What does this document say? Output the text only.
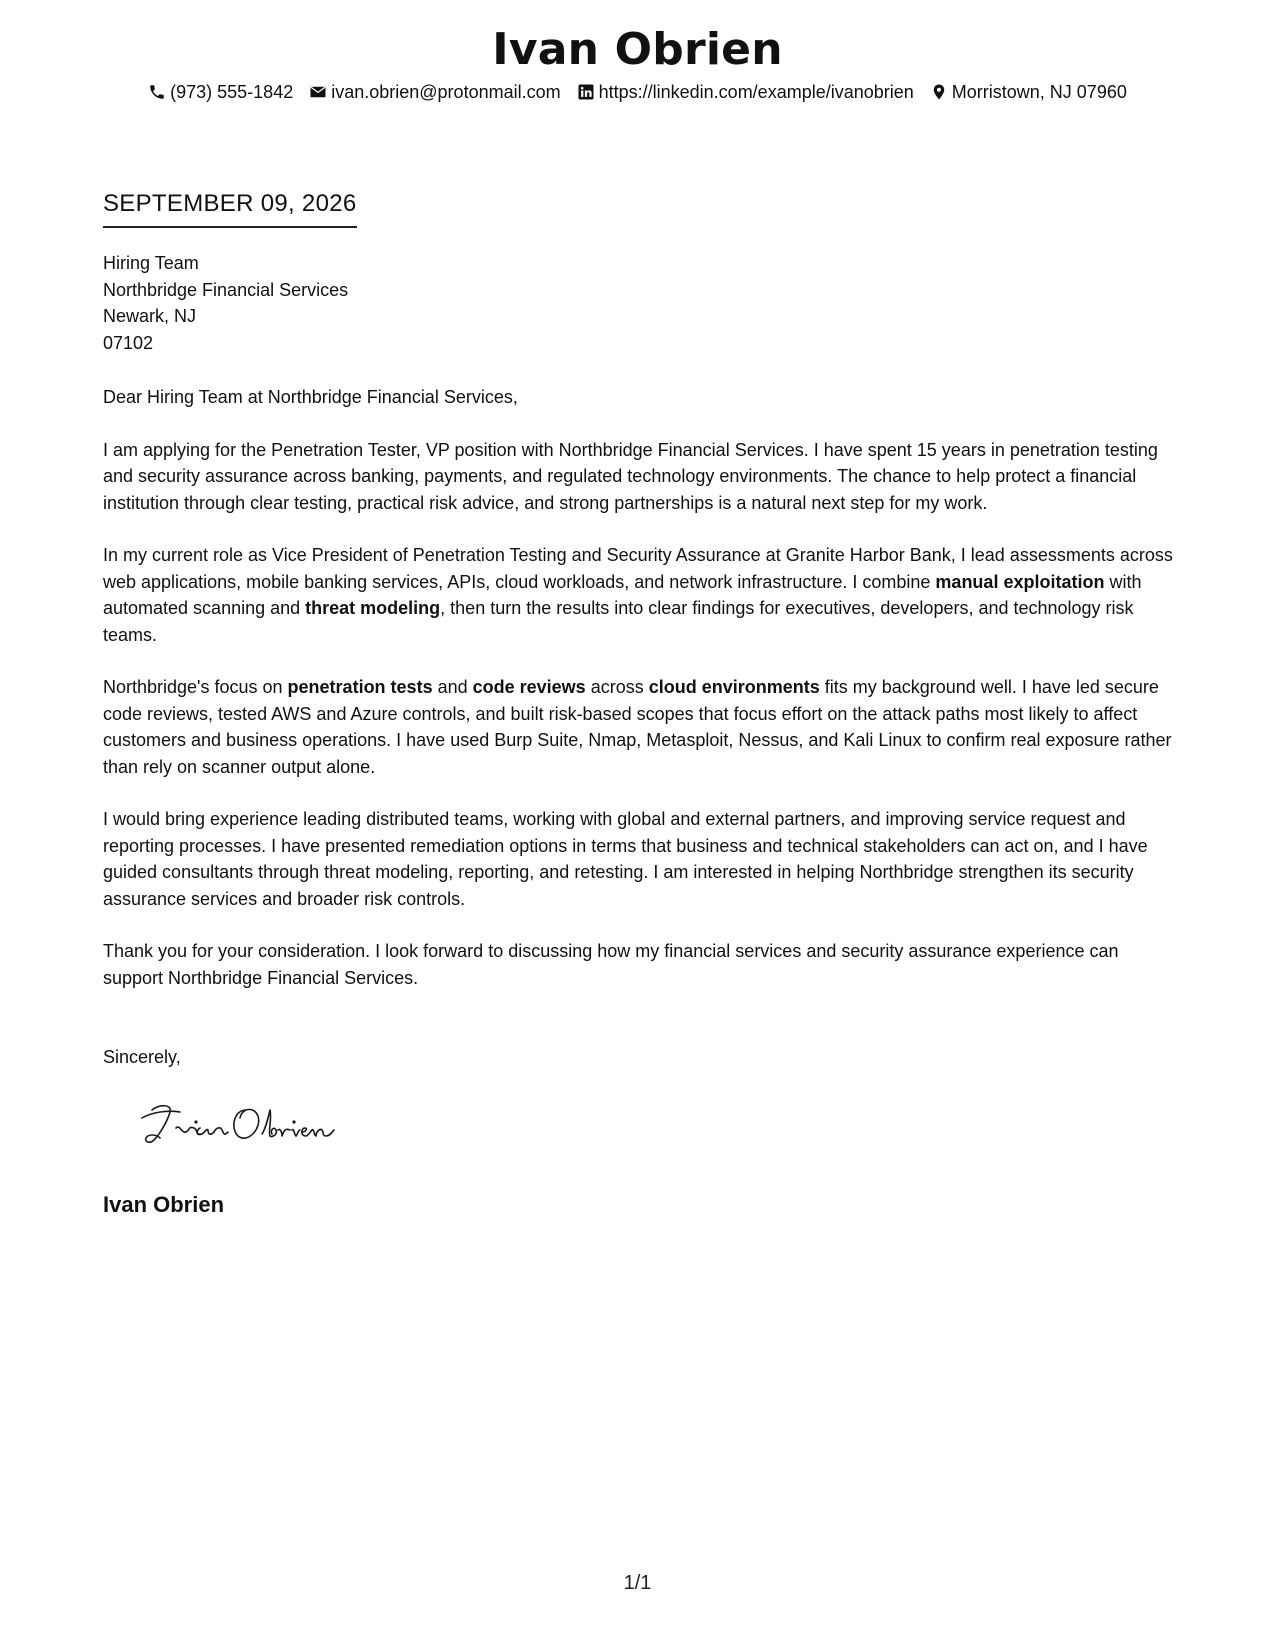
Ivan Obrien
(973) 555-1842 ivan.obrien@protonmail.com https://linkedin.com/example/ivanobrien Morristown, NJ 07960
SEPTEMBER 09, 2026
Hiring Team
Northbridge Financial Services
Newark, NJ
07102

Dear Hiring Team at Northbridge Financial Services,

I am applying for the Penetration Tester, VP position with Northbridge Financial Services. I have spent 15 years in penetration testing and security assurance across banking, payments, and regulated technology environments. The chance to help protect a financial institution through clear testing, practical risk advice, and strong partnerships is a natural next step for my work.

In my current role as Vice President of Penetration Testing and Security Assurance at Granite Harbor Bank, I lead assessments across web applications, mobile banking services, APIs, cloud workloads, and network infrastructure. I combine manual exploitation with automated scanning and threat modeling, then turn the results into clear findings for executives, developers, and technology risk teams.

Northbridge's focus on penetration tests and code reviews across cloud environments fits my background well. I have led secure code reviews, tested AWS and Azure controls, and built risk-based scopes that focus effort on the attack paths most likely to affect customers and business operations. I have used Burp Suite, Nmap, Metasploit, Nessus, and Kali Linux to confirm real exposure rather than rely on scanner output alone.

I would bring experience leading distributed teams, working with global and external partners, and improving service request and reporting processes. I have presented remediation options in terms that business and technical stakeholders can act on, and I have guided consultants through threat modeling, reporting, and retesting. I am interested in helping Northbridge strengthen its security assurance services and broader risk controls.

Thank you for your consideration. I look forward to discussing how my financial services and security assurance experience can support Northbridge Financial Services.

Sincerely,
Ivan Obrien
1/1
